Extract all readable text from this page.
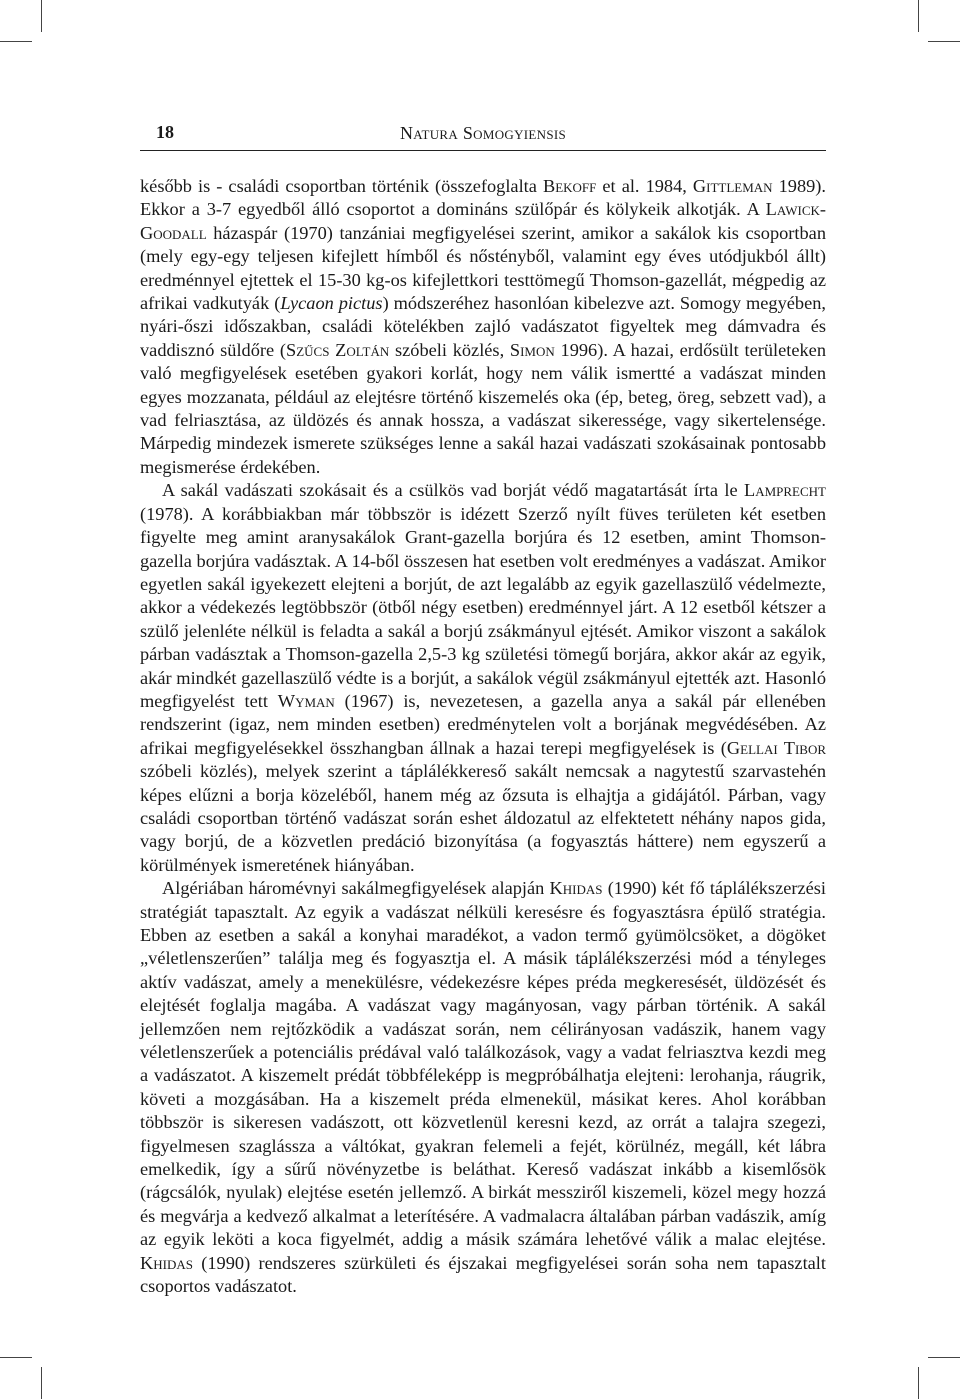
18	Natura Somogyiensis

később is - családi csoportban történik (összefoglalta Bekoff et al. 1984, Gittleman 1989). Ekkor a 3-7 egyedből álló csoportot a domináns szülőpár és kölykeik alkotják. A Lawick-Goodall házaspár (1970) tanzániai megfigyelései szerint, amikor a sakálok kis csoportban (mely egy-egy teljesen kifejlett hímből és nőstényből, valamint egy éves utódjukból állt) eredménnyel ejtettek el 15-30 kg-os kifejlettkori testtömegű Thomson-gazellát, mégpedig az afrikai vadkutyák (Lycaon pictus) módszeréhez hasonlóan kibelezve azt. Somogy megyében, nyári-őszi időszakban, családi kötelékben zajló vadászatot figyeltek meg dámvadra és vaddisznó süldőre (Szűcs Zoltán szóbeli közlés, Simon 1996). A hazai, erdősült területeken való megfigyelések esetében gyakori korlát, hogy nem válik ismertté a vadászat minden egyes mozzanata, például az elejtésre történő kiszemelés oka (ép, beteg, öreg, sebzett vad), a vad felriasztása, az üldözés és annak hossza, a vadászat sikeressége, vagy sikertelensége. Márpedig mindezek ismerete szükséges lenne a sakál hazai vadászati szokásainak pontosabb megismerése érdekében.

A sakál vadászati szokásait és a csülkös vad borját védő magatartását írta le Lamprecht (1978). A korábbiakban már többször is idézett Szerző nyílt füves területen két esetben figyelte meg amint aranysakálok Grant-gazella borjúra és 12 esetben, amint Thomson-gazella borjúra vadásztak. A 14-ből összesen hat esetben volt eredményes a vadászat. Amikor egyetlen sakál igyekezett elejteni a borjút, de azt legalább az egyik gazellaszülő védelmezte, akkor a védekezés legtöbbször (ötből négy esetben) eredménnyel járt. A 12 esetből kétszer a szülő jelenléte nélkül is feladta a sakál a borjú zsákmányul ejtését. Amikor viszont a sakálok párban vadásztak a Thomson-gazella 2,5-3 kg születési tömegű borjára, akkor akár az egyik, akár mindkét gazellaszülő védte is a borjút, a sakálok végül zsákmányul ejtették azt. Hasonló megfigyelést tett Wyman (1967) is, nevezetesen, a gazella anya a sakál pár ellenében rendszerint (igaz, nem minden esetben) eredménytelen volt a borjának megvédésében. Az afrikai megfigyelésekkel összhangban állnak a hazai terepi megfigyelések is (Gellai Tibor szóbeli közlés), melyek szerint a táplálékkereső sakált nemcsak a nagytestű szarvastehén képes elűzni a borja közeléből, hanem még az őzsuta is elhajtja a gidájától. Párban, vagy családi csoportban történő vadászat során eshet áldozatul az elfektetett néhány napos gida, vagy borjú, de a közvetlen predáció bizonyítása (a fogyasztás háttere) nem egyszerű a körülmények ismeretének hiányában.

Algériában háromévnyi sakálmegfigyelések alapján Khidas (1990) két fő táplálékszerzési stratégiát tapasztalt. Az egyik a vadászat nélküli keresésre és fogyasztásra épülő stratégia. Ebben az esetben a sakál a konyhai maradékot, a vadon termő gyümölcsöket, a dögöket „véletlenszerűen” találja meg és fogyasztja el. A másik táplálékszerzési mód a tényleges aktív vadászat, amely a menekülésre, védekezésre képes préda megkeresését, üldözését és elejtését foglalja magába. A vadászat vagy magányosan, vagy párban történik. A sakál jellemzően nem rejtőzködik a vadászat során, nem célirányosan vadászik, hanem vagy véletlenszerűek a potenciális prédával való találkozások, vagy a vadat felriasztva kezdi meg a vadászatot. A kiszemelt prédát többféleképp is megpróbálhatja elejteni: lerohanja, ráugrik, követi a mozgásában. Ha a kiszemelt préda elmenekül, másikat keres. Ahol korábban többször is sikeresen vadászott, ott közvetlenül keresni kezd, az orrát a talajra szegezi, figyelmesen szaglássza a váltókat, gyakran felemeli a fejét, körülnéz, megáll, két lábra emelkedik, így a sűrű növényzetbe is beláthat. Kereső vadászat inkább a kisemlősök (rágcsálók, nyulak) elejtése esetén jellemző. A birkát messziről kiszemeli, közel megy hozzá és megvárja a kedvező alkalmat a leterítésére. A vadmalacra általában párban vadászik, amíg az egyik leköti a koca figyelmét, addig a másik számára lehetővé válik a malac elejtése. Khidas (1990) rendszeres szürkületi és éjszakai megfigyelései során soha nem tapasztalt csoportos vadászatot.
